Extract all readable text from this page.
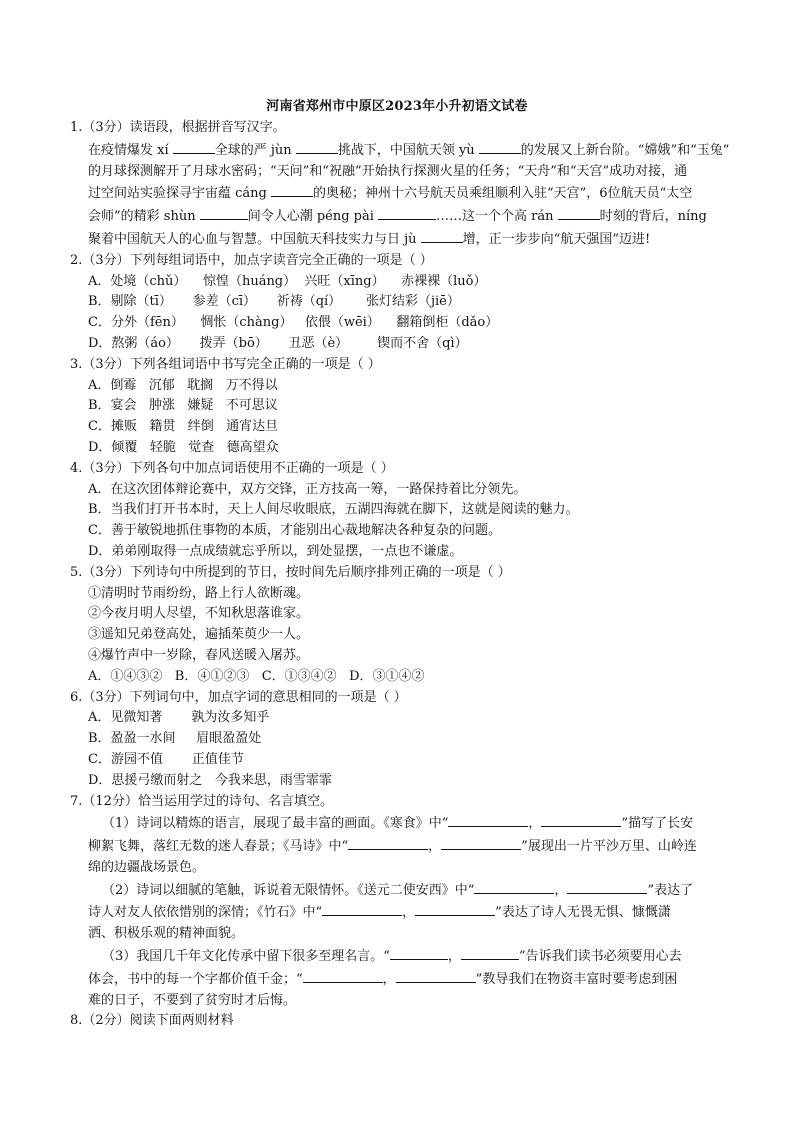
河南省郑州市中原区2023年小升初语文试卷

1.（3分）读语段，根据拼音写汉字。

在疫情爆发 xí	全球的严 jùn	挑战下，中国航天领 yù	的发展又上新台阶。“嫦娥”和“玉兔”
的月球探测解开了月球水密码；“天问”和“祝融”开始执行探测火星的任务；“天舟”和“天宫”成功对接，通
过空间站实验探寻宇宙蕴 cáng	的奥秘；神州十六号航天员乘组顺利入驻“天宫”，6位航天员“太空
会师”的精彩 shùn	间令人心潮 péng pài	……这一个个高 rán	时刻的背后，níng
聚着中国航天人的心血与智慧。中国航天科技实力与日 jù	增，正一步步向“航天强国”迈进!

2.（3分）下列每组词语中，加点字读音完全正确的一项是（ ）

A．处境（chǔ）    惊惶（huáng）  兴旺（xīng）    赤裸裸（luǒ）
B．剔除（tī）     参差（cī）     祈祷（qí）      张灯结彩（jiē）
C．分外（fēn）    惆怅（chàng）   依偎（wēi）    翻箱倒柜（dǎo）
D．熬粥（áo）     拨弄（bō）     丑恶（è）       锲而不舍（qì）

3.（3分）下列各组词语中书写完全正确的一项是（ ）

A．倒霉   沉郁   耽搁   万不得以
B．宴会   肿涨   嫌疑   不可思议
C．摊贩   籍贯   绊倒   通宵达旦
D．倾覆   轻脆   觉查   德高望众

4.（3分）下列各句中加点词语使用不正确的一项是（ ）

A．在这次团体辩论赛中，双方交锋，正方技高一筹，一路保持着比分领先。
B．当我们打开书本时，天上人间尽收眼底，五湖四海就在脚下，这就是阅读的魅力。
C．善于敏锐地抓住事物的本质，才能别出心裁地解决各种复杂的问题。
D．弟弟刚取得一点成绩就忘乎所以，到处显摆，一点也不谦虚。

5.（3分）下列诗句中所提到的节日，按时间先后顺序排列正确的一项是（ ）

①清明时节雨纷纷，路上行人欲断魂。
②今夜月明人尽望，不知秋思落谁家。
③遥知兄弟登高处，遍插茱萸少一人。
④爆竹声中一岁除，春风送暖入屠苏。
A．①④③②   B．④①②③   C．①③④②   D．③①④②

6.（3分）下列词句中，加点字词的意思相同的一项是（ ）

A．见微知著       孰为汝多知乎
B．盈盈一水间     眉眼盈盈处
C．游园不值       正值佳节
D．思援弓缴而射之   今我来思，雨雪霏霏

7.（12分）恰当运用学过的诗句、名言填空。

（1）诗词以精炼的语言，展现了最丰富的画面。《寒食》中“	，	”描写了长安
柳絮飞舞，落红无数的迷人春景；《马诗》中“	，	”展现出一片平沙万里、山岭连
绵的边疆战场景色。
（2）诗词以细腻的笔触，诉说着无限情怀。《送元二使安西》中“	，	”表达了
诗人对友人依依惜别的深情；《竹石》中“	，	”表达了诗人无畏无惧、慷慨潇
洒、积极乐观的精神面貌。
（3）我国几千年文化传承中留下很多至理名言。“	，	”告诉我们读书必须要用心去
体会，书中的每一个字都价值千金；“	，	”教导我们在物资丰富时要考虑到困
难的日子，不要到了贫穷时才后悔。

8.（2分）阅读下面两则材料
